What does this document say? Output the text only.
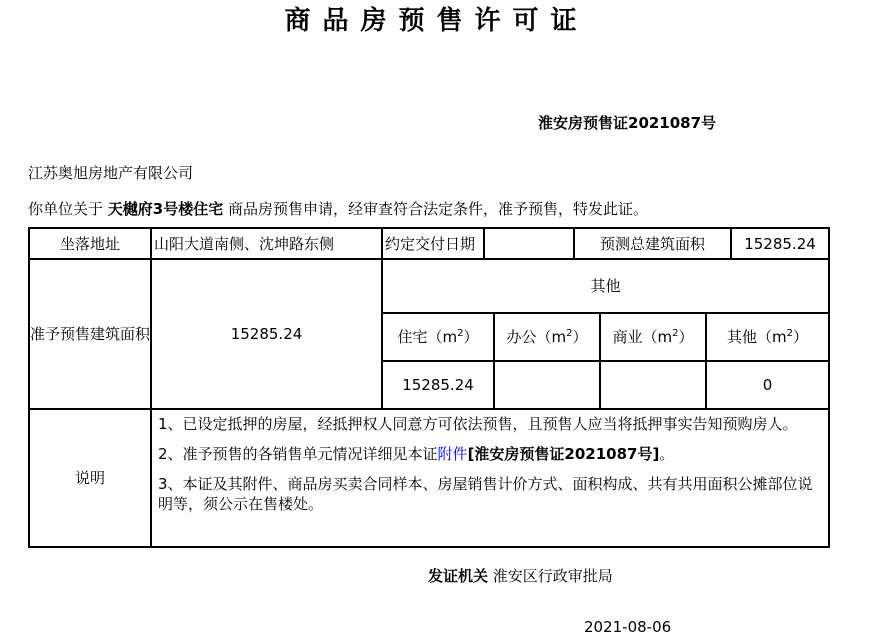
商品房预售许可证
淮安房预售证2021087号
江苏奥旭房地产有限公司
你单位关于 天樾府3号楼住宅 商品房预售申请，经审查符合法定条件，准予预售，特发此证。
坐落地址	山阳大道南侧、沈坤路东侧	约定交付日期		预测总建筑面积	15285.24
准予预售建筑面积	15285.24	
其他
住宅$(m^2)$	办公$(m^2)$	商业$(m^2)$	其他$(m^2)$
15285.24			0

说明	
1、已设定抵押的房屋，经抵押权人同意方可依法预售，且预售人应当将抵押事实告知预购房人。
2、准予预售的各销售单元情况详细见本证附件[淮安房预售证2021087号]。
3、本证及其附件、商品房买卖合同样本、房屋销售计价方式、面积构成、共有共用面积公摊部位说明等，须公示在售楼处。
发证机关 淮安区行政审批局
2021-08-06
